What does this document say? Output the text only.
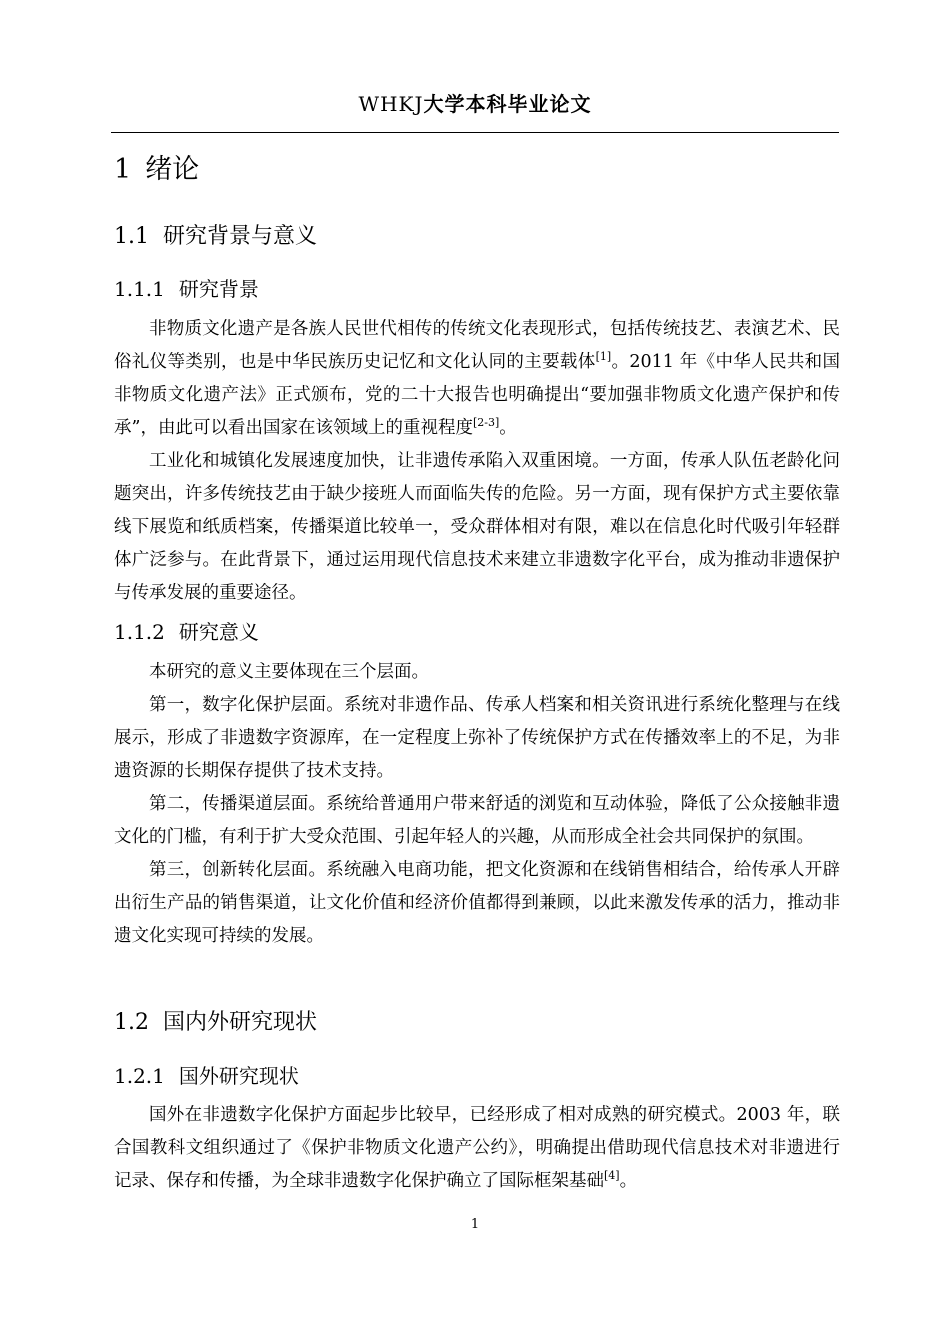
WHKJ大学本科毕业论文
1 绪论
1.1 研究背景与意义
1.1.1 研究背景

非物质文化遗产是各族人民世代相传的传统文化表现形式，包括传统技艺、表演艺术、民俗礼仪等类别，也是中华民族历史记忆和文化认同的主要载体[1]。2011 年《中华人民共和国非物质文化遗产法》正式颁布，党的二十大报告也明确提出“要加强非物质文化遗产保护和传承”，由此可以看出国家在该领域上的重视程度[2-3]。

工业化和城镇化发展速度加快，让非遗传承陷入双重困境。一方面，传承人队伍老龄化问题突出，许多传统技艺由于缺少接班人而面临失传的危险。另一方面，现有保护方式主要依靠线下展览和纸质档案，传播渠道比较单一，受众群体相对有限，难以在信息化时代吸引年轻群体广泛参与。在此背景下，通过运用现代信息技术来建立非遗数字化平台，成为推动非遗保护与传承发展的重要途径。

1.1.2 研究意义

本研究的意义主要体现在三个层面。

第一，数字化保护层面。系统对非遗作品、传承人档案和相关资讯进行系统化整理与在线展示，形成了非遗数字资源库，在一定程度上弥补了传统保护方式在传播效率上的不足，为非遗资源的长期保存提供了技术支持。

第二，传播渠道层面。系统给普通用户带来舒适的浏览和互动体验，降低了公众接触非遗文化的门槛，有利于扩大受众范围、引起年轻人的兴趣，从而形成全社会共同保护的氛围。

第三，创新转化层面。系统融入电商功能，把文化资源和在线销售相结合，给传承人开辟出衍生产品的销售渠道，让文化价值和经济价值都得到兼顾，以此来激发传承的活力，推动非遗文化实现可持续的发展。

1.2 国内外研究现状
1.2.1 国外研究现状

国外在非遗数字化保护方面起步比较早，已经形成了相对成熟的研究模式。2003 年，联合国教科文组织通过了《保护非物质文化遗产公约》，明确提出借助现代信息技术对非遗进行记录、保存和传播，为全球非遗数字化保护确立了国际框架基础[4]。

1
